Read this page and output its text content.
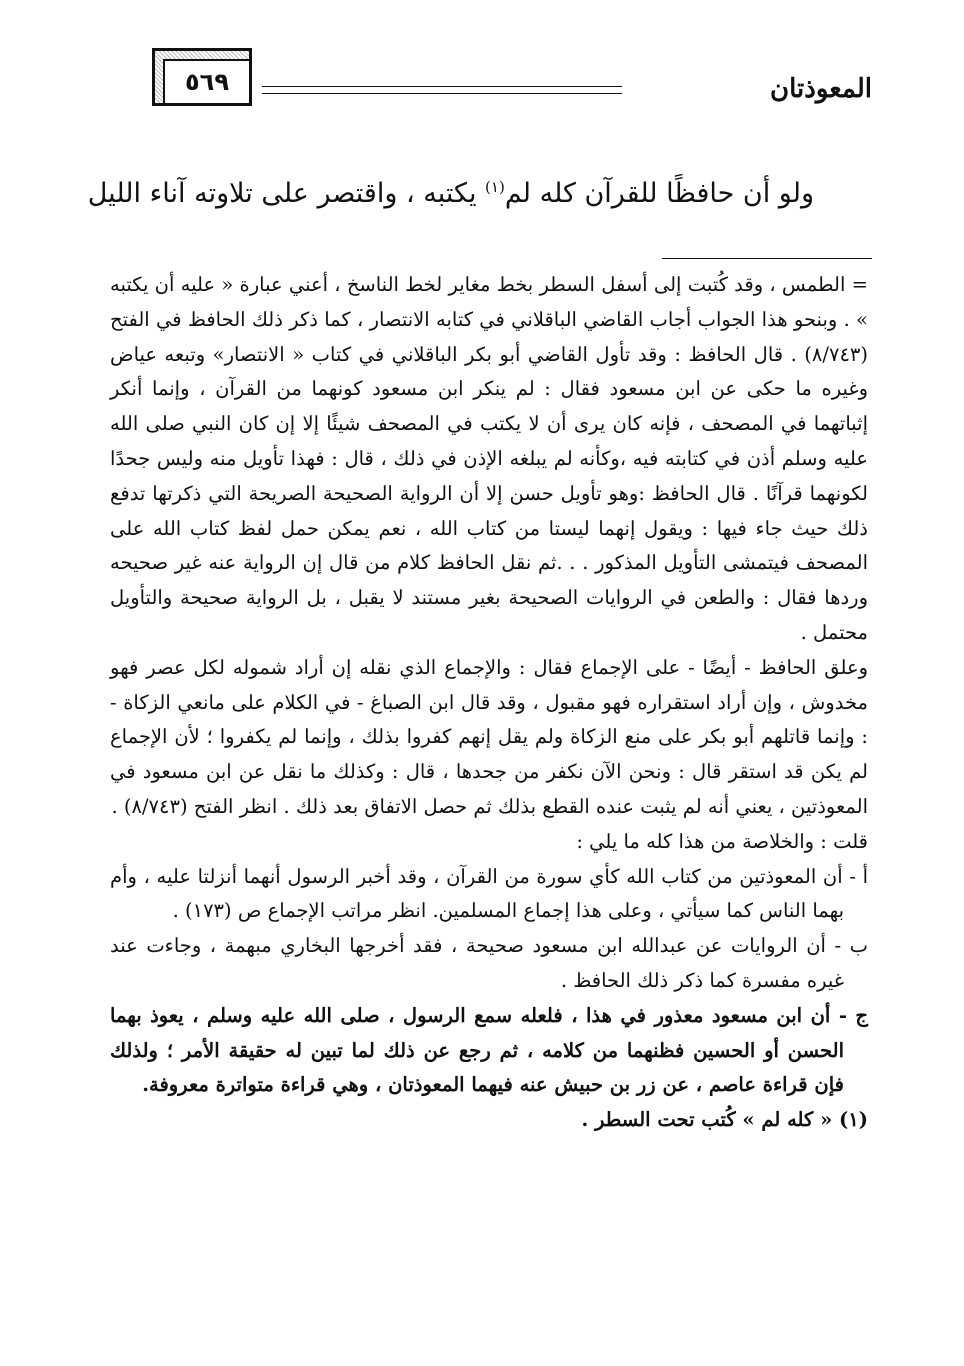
٥٦٩	المعوذتان
ولو أن حافظًا للقرآن كله لم$^{(١)}$ يكتبه ، واقتصر على تلاوته آناء الليل

= الطمس ، وقد كُتبت إلى أسفل السطر بخط مغاير لخط الناسخ ، أعني عبارة « عليه أن يكتبه » . وبنحو هذا الجواب أجاب القاضي الباقلاني في كتابه الانتصار ، كما ذكر ذلك الحافظ في الفتح (٨/٧٤٣) . قال الحافظ : وقد تأول القاضي أبو بكر الباقلاني في كتاب « الانتصار» وتبعه عياض وغيره ما حكى عن ابن مسعود فقال : لم ينكر ابن مسعود كونهما من القرآن ، وإنما أنكر إثباتهما في المصحف ، فإنه كان يرى أن لا يكتب في المصحف شيئًا إلا إن كان النبي صلى الله عليه وسلم أذن في كتابته فيه ،وكأنه لم يبلغه الإذن في ذلك ، قال : فهذا تأويل منه وليس جحدًا لكونهما قرآنًا . قال الحافظ :وهو تأويل حسن إلا أن الرواية الصحيحة الصريحة التي ذكرتها تدفع ذلك حيث جاء فيها : ويقول إنهما ليستا من كتاب الله ، نعم يمكن حمل لفظ كتاب الله على المصحف فيتمشى التأويل المذكور . . .ثم نقل الحافظ كلام من قال إن الرواية عنه غير صحيحه وردها فقال : والطعن في الروايات الصحيحة بغير مستند لا يقبل ، بل الرواية صحيحة والتأويل محتمل .

وعلق الحافظ - أيضًا - على الإجماع فقال : والإجماع الذي نقله إن أراد شموله لكل عصر فهو مخدوش ، وإن أراد استقراره فهو مقبول ، وقد قال ابن الصباغ - في الكلام على مانعي الزكاة - : وإنما قاتلهم أبو بكر على منع الزكاة ولم يقل إنهم كفروا بذلك ، وإنما لم يكفروا ؛ لأن الإجماع لم يكن قد استقر قال : ونحن الآن نكفر من جحدها ، قال : وكذلك ما نقل عن ابن مسعود في المعوذتين ، يعني أنه لم يثبت عنده القطع بذلك ثم حصل الاتفاق بعد ذلك . انظر الفتح (٨/٧٤٣) .

قلت : والخلاصة من هذا كله ما يلي :

أ - أن المعوذتين من كتاب الله كأي سورة من القرآن ، وقد أخبر الرسول أنهما أنزلتا عليه ، وأم بهما الناس كما سيأتي ، وعلى هذا إجماع المسلمين. انظر مراتب الإجماع ص (١٧٣) .

ب - أن الروايات عن عبدالله ابن مسعود صحيحة ، فقد أخرجها البخاري مبهمة ، وجاءت عند غيره مفسرة كما ذكر ذلك الحافظ .

ج - أن ابن مسعود معذور في هذا ، فلعله سمع الرسول ، صلى الله عليه وسلم ، يعوذ بهما الحسن أو الحسين فظنهما من كلامه ، ثم رجع عن ذلك لما تبين له حقيقة الأمر ؛ ولذلك فإن قراءة عاصم ، عن زر بن حبيش عنه فيهما المعوذتان ، وهي قراءة متواترة معروفة.

(١) « كله لم » كُتب تحت السطر .
